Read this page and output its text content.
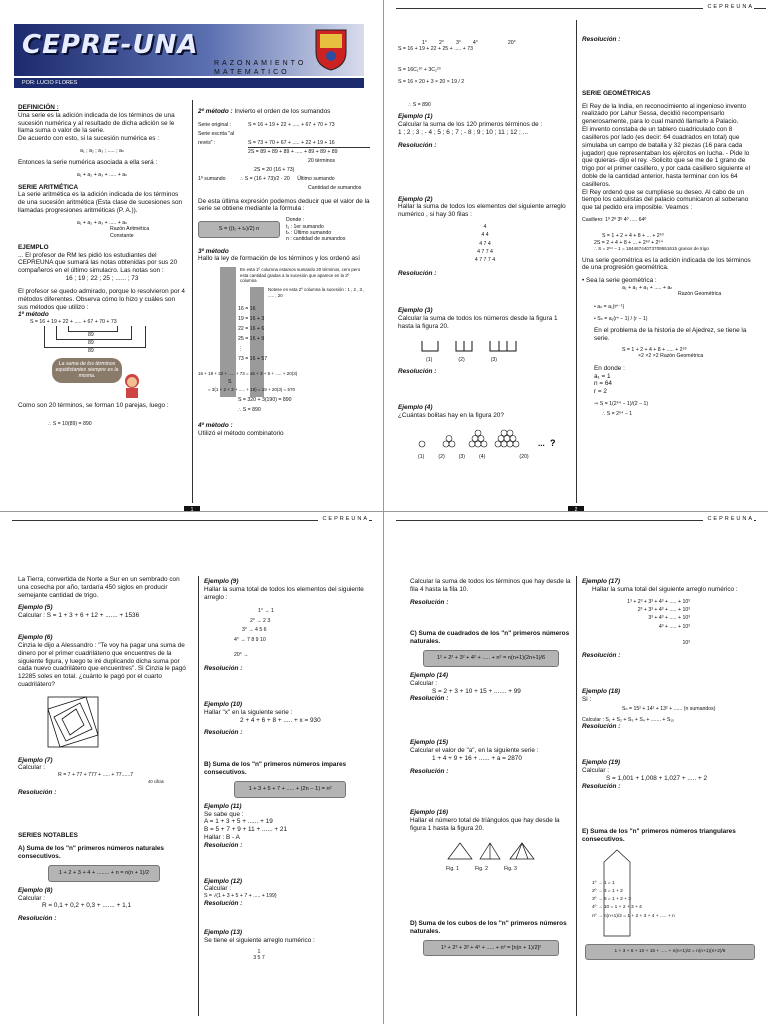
CEPRE-UNA
RAZONAMIENTO MATEMATICO
POR: LUCIO FLORES
DEFINICIÓN :
Una serie es la adición indicada de los términos de una sucesión numérica y al resultado de dicha adición se le llama suma o valor de la serie.
De acuerdo con esto, si la sucesión numérica es :
a₁ ; a₂ ; a₃ ; ..... ; aₙ
Entonces la serie numérica asociada a ella será :
a₁ + a₂ + a₃ + ..... + aₙ
SERIE ARITMÉTICA
La serie aritmética es la adición indicada de los términos de una sucesión aritmética (Esta clase de sucesiones son llamadas progresiones aritméticas (P. A.)).
a₁ + a₂ + a₃ + ..... + aₙ
Razón Aritmética Constante
EJEMPLO
... El profesor de RM les pidió los estudiantes del CEPREUNA que sumará las notas obtenidas por sus 20 compañeros en el último simulacro. Las notas son :
16 ; 19 ; 22 ; 25 ; ...... ; 73
El profesor se quedo admirado, porque lo resolvieron por 4 métodos diferentes. Observa cómo lo hizo y cuáles son sus métodos que utilizo :
1º método
S = 16 + 19 + 22 + ..... + 67 + 70 + 73
89
89
89
La suma de los términos equidistantes siempre es la misma.
Como son 20 términos, se forman 10 parejas, luego :
∴ S = 10(89) = 890
2º método : Invierto el orden de los sumandos
Serie original :	S = 16 + 19 + 22 + ..... + 67 + 70 + 73
Serie escrita "al revés" :	S = 73 + 70 + 67 + ..... + 22 + 19 + 16
2S = 89 + 89 + 89 + ..... + 89 + 89 + 89
20 términos
2S = 20 (16 + 73)
1º sumando	∴ S = (16 + 73)/2 · 20 Último sumando
Cantidad de sumandos
De esta última expresión podemos deducir que el valor de la serie se obtiene mediante la fórmula :
S = ((t₁ + tₙ)/2) n
Donde :
t₁ : 1er sumando
tₙ : Último sumando
n : cantidad de sumandos
3º método
Hallo la ley de formación de los términos y los ordenó así
En esta 1º columna estamos sumando 20 términos, cero pero esta cantidad gradas a la sucesión que aparece en la 2º columna
Notese en esta 2º columna la sucesión : 1 , 2 , 3 , ..... , 20
16 = 16
19 = 16 + 3
22 = 16 + 6
25 = 16 + 9
⋮
73 = 16 + 57
16 + 19 + 22 + ..... + 73 = 16 + 3 + 6 + ..... + 20(3)
S
= 3(1 + 2 + 3 + ..... + 19) = 19 + 20(3) = 570
S = 320 + 3(190) = 890
∴ S = 890
4º método :
Utilizó el método combinatorio
1
CEPREUNA
1° 2° 3° 4°	20°
S = 16 + 19 + 22 + 25 + ..... + 73
S = 16C₁²⁰ + 3C₂²⁰
S = 16 × 20 + 3 × 20 × 19 / 2
∴ S = 890
Ejemplo (1)
Calcular la suma de los 120 primeros términos de :
1 ; 2 ; 3 ; - 4 ; 5 ; 6 ; 7 ; - 8 ; 9 ; 10 ; 11 ; 12 ; ...
Resolución :
Ejemplo (2)
Hallar la suma de todos los elementos del siguiente arreglo numérico , si hay 30 filas :
4
4 4
4 7 4
4 7 7 4
4 7 7 7 4
Resolución :
Ejemplo (3)
Calcular la suma de todos los números desde la figura 1 hasta la figura 20.
(1)	(2)	(3)
Resolución :
Ejemplo (4)
¿Cuántas bolitas hay en la figura 20?
... ?
(1)	(2)	(3)	(4)	(20)
Resolución :
SERIE GEOMÉTRICAS
El Rey de la India, en reconocimiento al ingenioso invento realizado por Lahur Sessa, decidió recompensarlo generosamente, para lo cual mandó llamarlo a Palacio.
El invento constaba de un tablero cuadriculado con 8 casilleros por lado (es decir: 64 cuadrados en total) que simulaba un campo de batalla y 32 piezas (16 para cada jugador) que representaban los ejércitos en lucha. - Pide lo que quieras- dijo el rey. -Solicito que se me de 1 grano de trigo por el primer casillero, y por cada casillero siguiente el doble de la cantidad anterior, hasta terminar con los 64 casilleros.
El Rey ordenó que se cumpliese su deseo. Al cabo de un tiempo los calculistas del palacio comunicaron al soberano que tal pedido era imposible. Veamos :
Casillero: 1º 2º 3º 4º ..... 64º
S = 1 + 2 + 4 + 8 + ... + 2⁶³
2S = 2 + 4 + 8 + ... + 2⁶³ + 2⁶⁴
∴ S = 2⁶⁴ − 1 = 18446744073709551615 granos de trigo
Una serie geométrica es la adición indicada de los términos de una progresión geométrica.
• Sea la serie geométrica :
a₁ + a₂ + a₃ + ..... + aₙ
Razón Geométrica
• aₙ = a₁(rⁿ⁻¹)
• Sₙ = a₁(rⁿ − 1) / (r − 1)
En el problema de la historia de el Ajedrez, se tiene la serie.
S = 1 + 2 + 4 + 8 + ..... + 2⁶³
×2 ×2 ×2 Razón Geométrica
En donde :
a₁ = 1
n = 64
r = 2
⇒ S = 1(2⁶⁴ − 1)/(2 − 1)
∴ S = 2⁶⁴ − 1
2
CEPREUNA
La Tierra, convertida de Norte a Sur en un sembrado con una cosecha por año, tardaría 450 siglos en producir semejante cantidad de trigo.
Ejemplo (5)
Calcular : S = 1 + 3 + 6 + 12 + ....... + 1536
Ejemplo (6)
Cinzia le dijo a Alessandro : "Te voy ha pagar una suma de dinero por el primer cuadriláteno que encuentres de la siguiente figura, y luego te iré duplicando dicha suma por cada nuevo cuadrilátero que encuentres". Si Cinzia le pagó 12285 soles en total. ¿cuánto le pagó por el cuarto cuadrilátero?
Ejemplo (7)
Calcular :
R = 7 + 77 + 777 + ..... + 77......7
40 cifras
Resolución :
SERIES NOTABLES
A) Suma de los "n" primeros números naturales consecutivos.
1 + 2 + 3 + 4 + ........ + n = n(n + 1)/2
Ejemplo (8)
Calcular :
R = 0,1 + 0,2 + 0,3 + ....... + 1,1
Resolución :
Ejemplo (9)
Hallar la suma total de todos los elementos del siguiente arreglo :
1° → 1
2° → 2 3
3° → 4 5 6
4° → 7 8 9 10
20° →
Resolución :
Ejemplo (10)
Hallar "x" en la siguiente serie :
2 + 4 + 6 + 8 + ..... + x = 930
Resolución :
B) Suma de los "n" primeros números impares consecutivos.
1 + 3 + 5 + 7 + ..... + (2n − 1) = n²
Ejemplo (11)
Se sabe que :
A = 1 + 3 + 5 + ...... + 19
B = 5 + 7 + 9 + 11 + ...... + 21
Hallar : B - A
Resolución :
Ejemplo (12)
Calcular :
S = √(1 + 3 + 5 + 7 + ..... + 199)
Resolución :
Ejemplo (13)
Se tiene el siguiente arreglo numérico :
1
3 5 7
CEPREUNA
Calcular la suma de todos los términos que hay desde la fila 4 hasta la fila 10.
Resolución :
C) Suma de cuadrados de los "n" primeros números naturales.
1² + 2² + 3² + 4² + ..... + n² = n(n+1)(2n+1)/6
Ejemplo (14)
Calcular :
S = 2 + 3 + 10 + 15 + ....... + 99
Resolución :
Ejemplo (15)
Calcular el valor de "a", en la siguiente serie :
1 + 4 + 9 + 16 + ...... + a = 2870
Resolución :
Ejemplo (16)
Hallar el número total de triángulos que hay desde la figura 1 hasta la figura 20.
Fig. 1	Fig. 2	Fig. 3
D) Suma de los cubos de los "n" primeros números naturales.
1³ + 2³ + 3³ + 4³ + ..... + n³ = [n(n + 1)/2]²
Ejemplo (17)
Hallar la suma total del siguiente arreglo numérico :
1³ + 2³ + 3³ + 4³ + ..... + 10³
2³ + 3³ + 4³ + ..... + 10³
3³ + 4³ + ..... + 10³
4³ + ..... + 10³
10³
Resolución :
Ejemplo (18)
Si :
Sₙ = 15² + 14² + 13² + ...... (n sumandos)
Calcular : S₁ + S₂ + S₃ + S₄ + ....... + S₁₅
Resolución :
Ejemplo (19)
Calcular :
S = 1,001 + 1,008 + 1,027 + ..... + 2
Resolución :
E) Suma de los "n" primeros números triangulares consecutivos.
1º → 1 = 1
2º → 3 = 1 + 2
3º → 6 = 1 + 2 + 3
4º → 10 = 1 + 2 + 3 + 4
nº → n(n+1)/2 = 1 + 2 + 3 + 4 + ..... + n
1 + 3 + 6 + 10 + 15 + ..... + n(n+1)/2 = n(n+1)(n+2)/6
